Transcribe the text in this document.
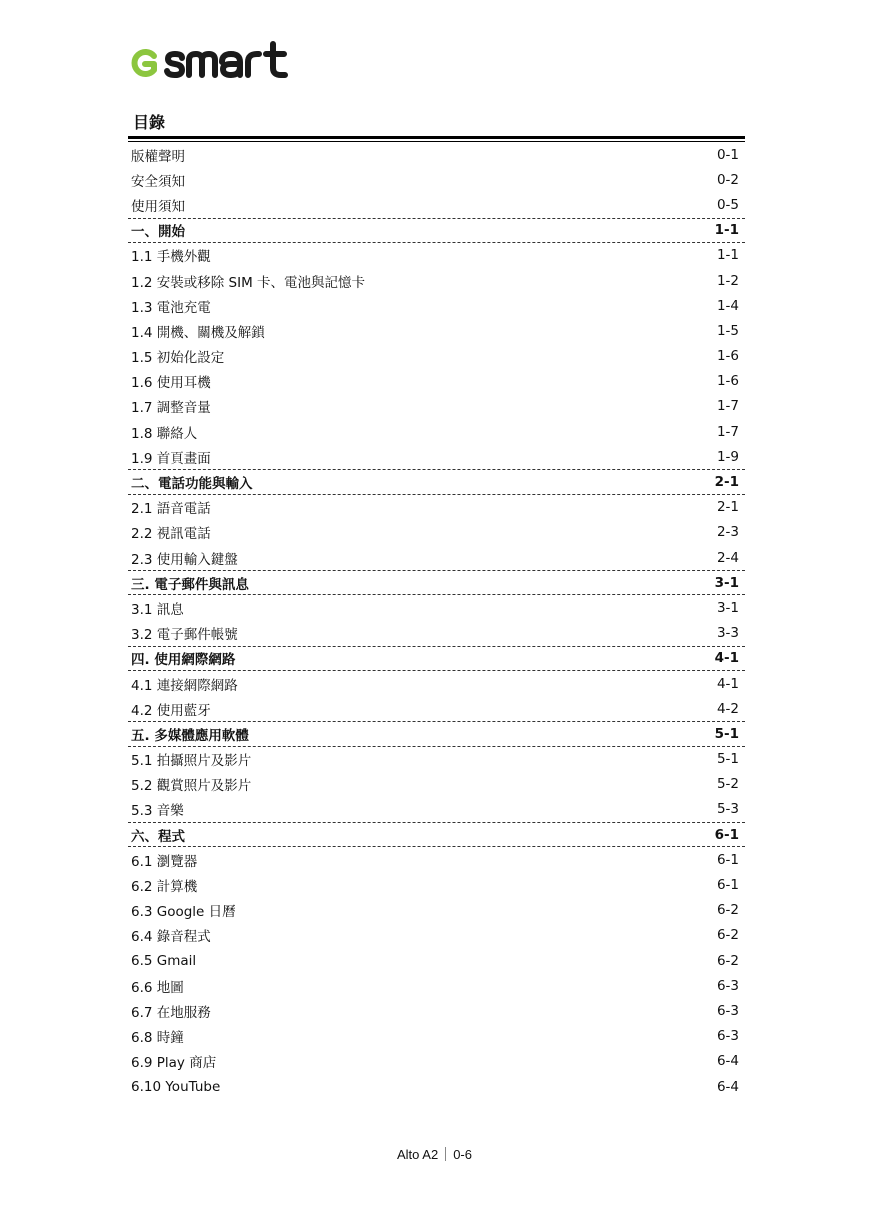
目錄
版權聲明	0-1
安全須知	0-2
使用須知	0-5
一、開始	1-1
1.1 手機外觀	1-1
1.2 安裝或移除 SIM 卡、電池與記憶卡	1-2
1.3 電池充電	1-4
1.4 開機、關機及解鎖	1-5
1.5 初始化設定	1-6
1.6 使用耳機	1-6
1.7 調整音量	1-7
1.8 聯絡人	1-7
1.9 首頁畫面	1-9
二、電話功能與輸入	2-1
2.1 語音電話	2-1
2.2 視訊電話	2-3
2.3 使用輸入鍵盤	2-4
三. 電子郵件與訊息	3-1
3.1 訊息	3-1
3.2 電子郵件帳號	3-3
四. 使用網際網路	4-1
4.1 連接網際網路	4-1
4.2 使用藍牙	4-2
五. 多媒體應用軟體	5-1
5.1 拍攝照片及影片	5-1
5.2 觀賞照片及影片	5-2
5.3 音樂	5-3
六、程式	6-1
6.1 瀏覽器	6-1
6.2 計算機	6-1
6.3 Google 日曆	6-2
6.4 錄音程式	6-2
6.5 Gmail	6-2
6.6 地圖	6-3
6.7 在地服務	6-3
6.8 時鐘	6-3
6.9 Play 商店	6-4
6.10 YouTube	6-4
Alto A2 0-6
